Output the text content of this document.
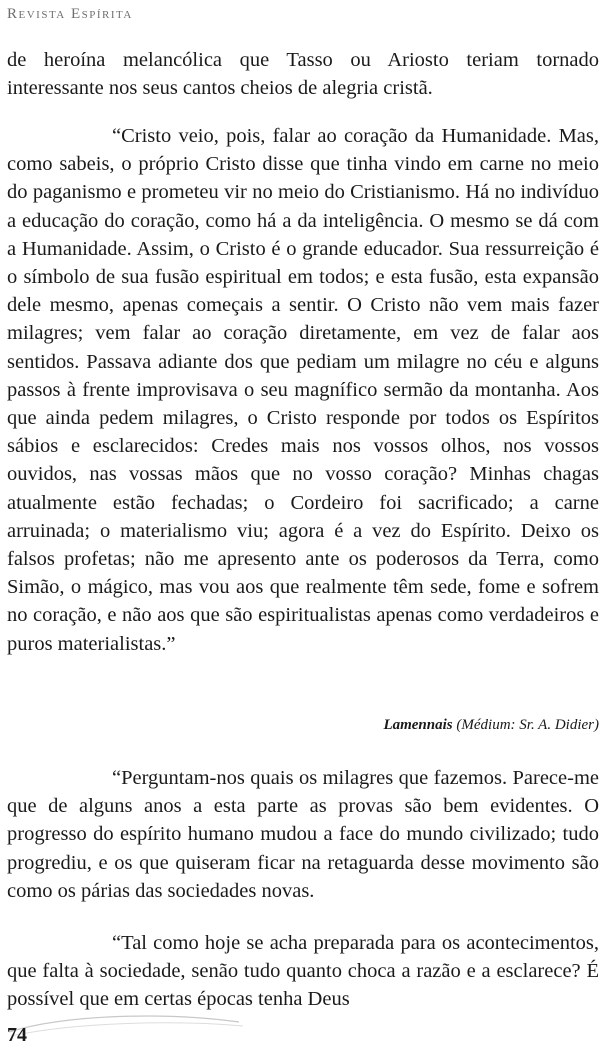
Revista Espírita

de heroína melancólica que Tasso ou Ariosto teriam tornado interessante nos seus cantos cheios de alegria cristã.

“Cristo veio, pois, falar ao coração da Humanidade. Mas, como sabeis, o próprio Cristo disse que tinha vindo em carne no meio do paganismo e prometeu vir no meio do Cristianismo. Há no indivíduo a educação do coração, como há a da inteligência. O mesmo se dá com a Humanidade. Assim, o Cristo é o grande educador. Sua ressurreição é o símbolo de sua fusão espiritual em todos; e esta fusão, esta expansão dele mesmo, apenas começais a sentir. O Cristo não vem mais fazer milagres; vem falar ao coração diretamente, em vez de falar aos sentidos. Passava adiante dos que pediam um milagre no céu e alguns passos à frente improvisava o seu magnífico sermão da montanha. Aos que ainda pedem milagres, o Cristo responde por todos os Espíritos sábios e esclarecidos: Credes mais nos vossos olhos, nos vossos ouvidos, nas vossas mãos que no vosso coração? Minhas chagas atualmente estão fechadas; o Cordeiro foi sacrificado; a carne arruinada; o materialismo viu; agora é a vez do Espírito. Deixo os falsos profetas; não me apresento ante os poderosos da Terra, como Simão, o mágico, mas vou aos que realmente têm sede, fome e sofrem no coração, e não aos que são espiritualistas apenas como verdadeiros e puros materialistas.”

Lamennais (Médium: Sr. A. Didier)

“Perguntam-nos quais os milagres que fazemos. Parece-me que de alguns anos a esta parte as provas são bem evidentes. O progresso do espírito humano mudou a face do mundo civilizado; tudo progrediu, e os que quiseram ficar na retaguarda desse movimento são como os párias das sociedades novas.

“Tal como hoje se acha preparada para os acontecimentos, que falta à sociedade, senão tudo quanto choca a razão e a esclarece? É possível que em certas épocas tenha Deus

74
